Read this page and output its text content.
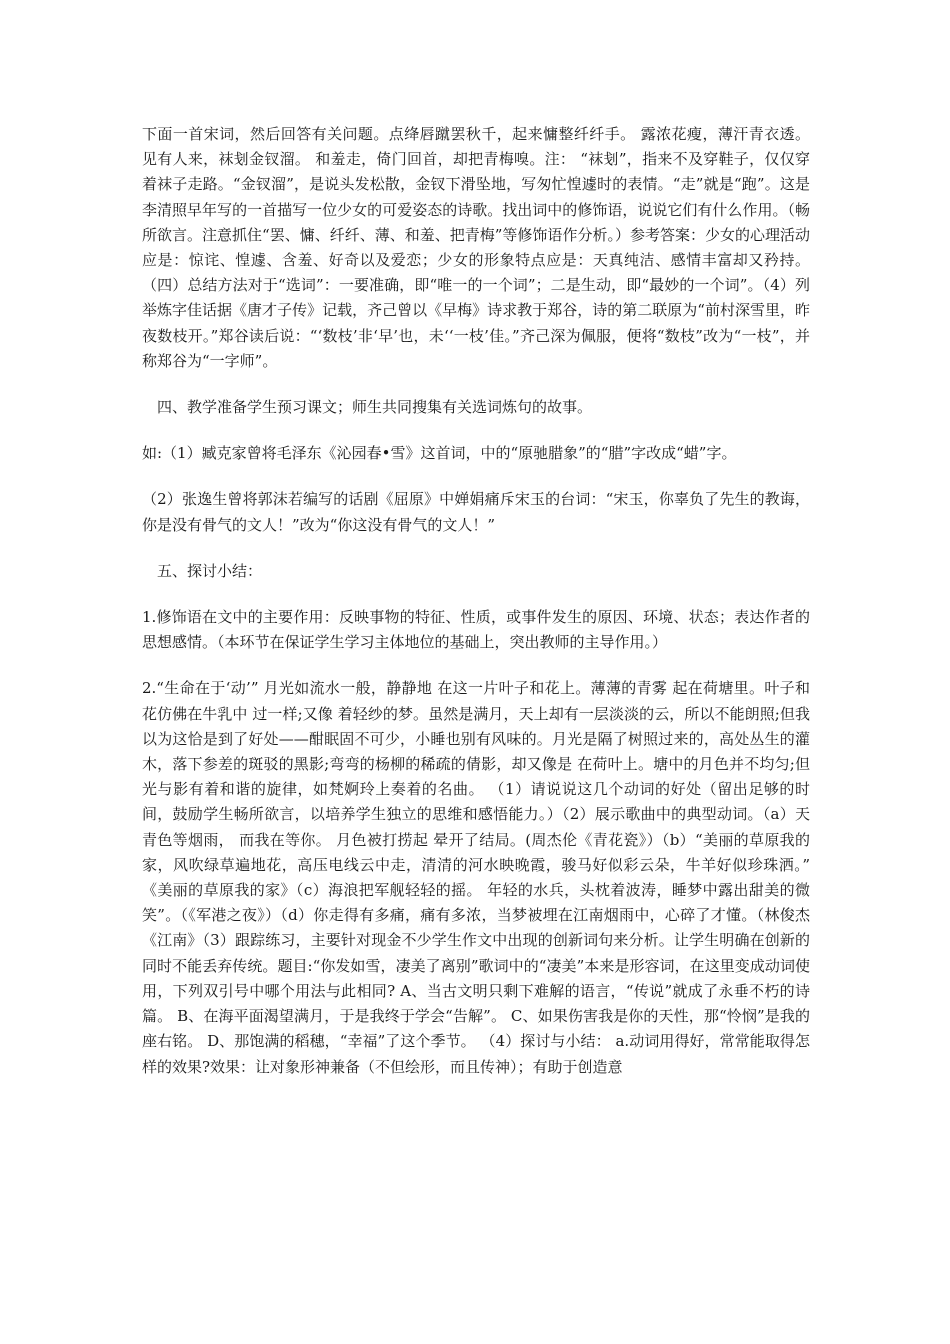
下面一首宋词，然后回答有关问题。点绛唇蹴罢秋千，起来慵整纤纤手。 露浓花瘦，薄汗青衣透。 见有人来，袜刬金钗溜。 和羞走，倚门回首，却把青梅嗅。注： “袜刬”，指来不及穿鞋子，仅仅穿着袜子走路。“金钗溜”，是说头发松散，金钗下滑坠地，写匆忙惶遽时的表情。“走”就是“跑”。这是李清照早年写的一首描写一位少女的可爱姿态的诗歌。找出词中的修饰语，说说它们有什么作用。（畅所欲言。注意抓住“罢、慵、纤纤、薄、和羞、把青梅”等修饰语作分析。）参考答案：少女的心理活动应是：惊诧、惶遽、含羞、好奇以及爱恋；少女的形象特点应是：天真纯洁、感情丰富却又矜持。（四）总结方法对于“选词”：一要准确，即“唯一的一个词”；二是生动，即“最妙的一个词”。（4）列举炼字佳话据《唐才子传》记载，齐己曾以《早梅》诗求教于郑谷，诗的第二联原为“前村深雪里，昨夜数枝开。”郑谷读后说：“‘数枝’非‘早’也，未‘‘一枝’佳。”齐己深为佩服，便将“数枝”改为“一枝”，并称郑谷为“一字师”。

四、教学准备学生预习课文；师生共同搜集有关选词炼句的故事。

如:（1）臧克家曾将毛泽东《沁园春•雪》这首词，中的“原驰腊象”的“腊”字改成“蜡”字。

（2）张逸生曾将郭沫若编写的话剧《屈原》中婵娟痛斥宋玉的台词：“宋玉，你辜负了先生的教诲，你是没有骨气的文人！”改为“你这没有骨气的文人！”

五、探讨小结：

1.修饰语在文中的主要作用：反映事物的特征、性质，或事件发生的原因、环境、状态；表达作者的思想感情。（本环节在保证学生学习主体地位的基础上，突出教师的主导作用。）

2.“生命在于‘动’” 月光如流水一般，静静地 在这一片叶子和花上。薄薄的青雾 起在荷塘里。叶子和花仿佛在牛乳中 过一样;又像 着轻纱的梦。虽然是满月，天上却有一层淡淡的云，所以不能朗照;但我以为这恰是到了好处——酣眠固不可少，小睡也别有风味的。月光是隔了树照过来的，高处丛生的灌木，落下参差的斑驳的黑影;弯弯的杨柳的稀疏的倩影，却又像是 在荷叶上。塘中的月色并不均匀;但光与影有着和谐的旋律，如梵婀玲上奏着的名曲。 （1）请说说这几个动词的好处（留出足够的时间，鼓励学生畅所欲言，以培养学生独立的思维和感悟能力。）（2）展示歌曲中的典型动词。（a）天青色等烟雨， 而我在等你。 月色被打捞起 晕开了结局。(周杰伦《青花瓷》）（b）“美丽的草原我的家，风吹绿草遍地花，高压电线云中走，清清的河水映晚霞，骏马好似彩云朵，牛羊好似珍珠洒。” 《美丽的草原我的家》（c）海浪把军舰轻轻的摇。 年轻的水兵，头枕着波涛，睡梦中露出甜美的微笑”。（《军港之夜》）（d）你走得有多痛，痛有多浓，当梦被埋在江南烟雨中，心碎了才懂。（林俊杰《江南》（3）跟踪练习，主要针对现金不少学生作文中出现的创新词句来分析。让学生明确在创新的同时不能丢弃传统。题目:“你发如雪，凄美了离别”歌词中的“凄美”本来是形容词，在这里变成动词使用，下列双引号中哪个用法与此相同? A、当古文明只剩下难解的语言，“传说”就成了永垂不朽的诗篇。 B、在海平面渴望满月，于是我终于学会“告解”。 C、如果伤害我是你的天性，那“怜悯”是我的座右铭。 D、那饱满的稻穗，“幸福”了这个季节。 （4）探讨与小结： a.动词用得好，常常能取得怎样的效果?效果：让对象形神兼备（不但绘形，而且传神）；有助于创造意
